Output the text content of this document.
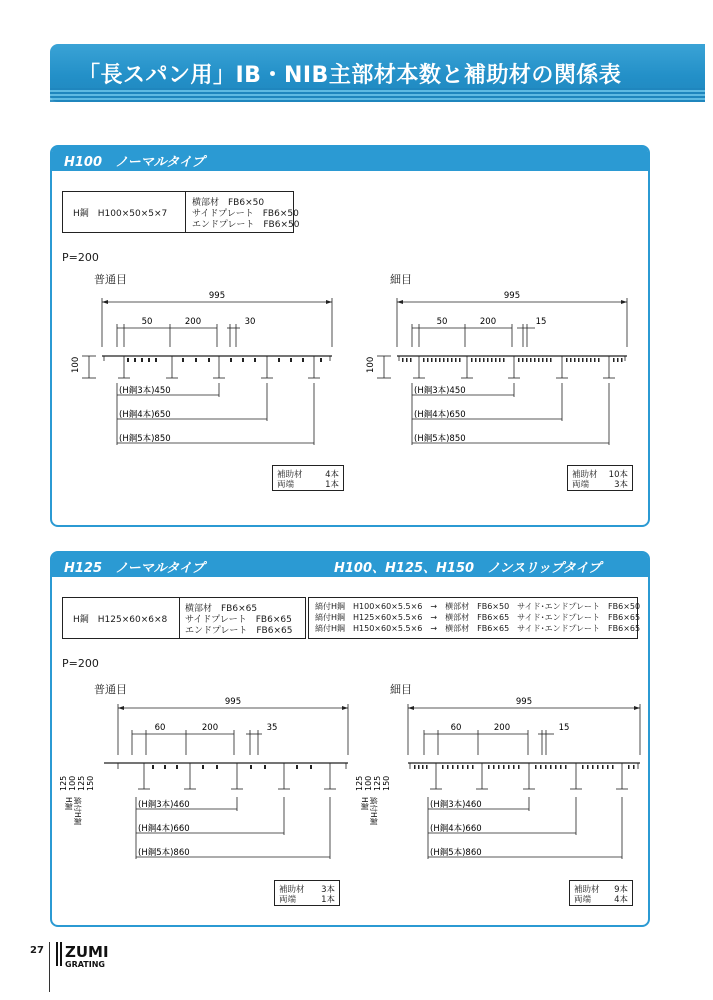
「長スパン用」IB・NIB主部材本数と補助材の関係表
H100　ノーマルタイプ
H鋼　H100×50×5×7
横部材　FB6×50
サイドプレート　FB6×50
エンドプレート　FB6×50
P=200
普通目	細目
995
50	200	30
100
(H鋼3本)450
(H鋼4本)650
(H鋼5本)850
995
50	200	15
100
(H鋼3本)450
(H鋼4本)650
(H鋼5本)850
補助材	4本
両端	1本
補助材 10本
両端	3本
H125　ノーマルタイプ	H100、H125、H150　ノンスリップタイプ
H鋼　H125×60×6×8
横部材　FB6×65
サイドプレート　FB6×65
エンドプレート　FB6×65
縞付H鋼　H100×60×5.5×6　→　横部材　FB6×50　サイド･エンドプレート　FB6×50
縞付H鋼　H125×60×5.5×6　→　横部材　FB6×65　サイド･エンドプレート　FB6×65
縞付H鋼　H150×60×5.5×6　→　横部材　FB6×65　サイド･エンドプレート　FB6×65
P=200
普通目	細目
995
60	200	35
125 100 125 150
H鋼 縞付H鋼	(H鋼3本)460
(H鋼4本)660
(H鋼5本)860
995
60	200	15
125 100 125 150
H鋼 縞付H鋼	(H鋼3本)460
(H鋼4本)660
(H鋼5本)860
補助材 3本
両端	1本
補助材 9本
両端	4本
27 ZUMI
GRATING
